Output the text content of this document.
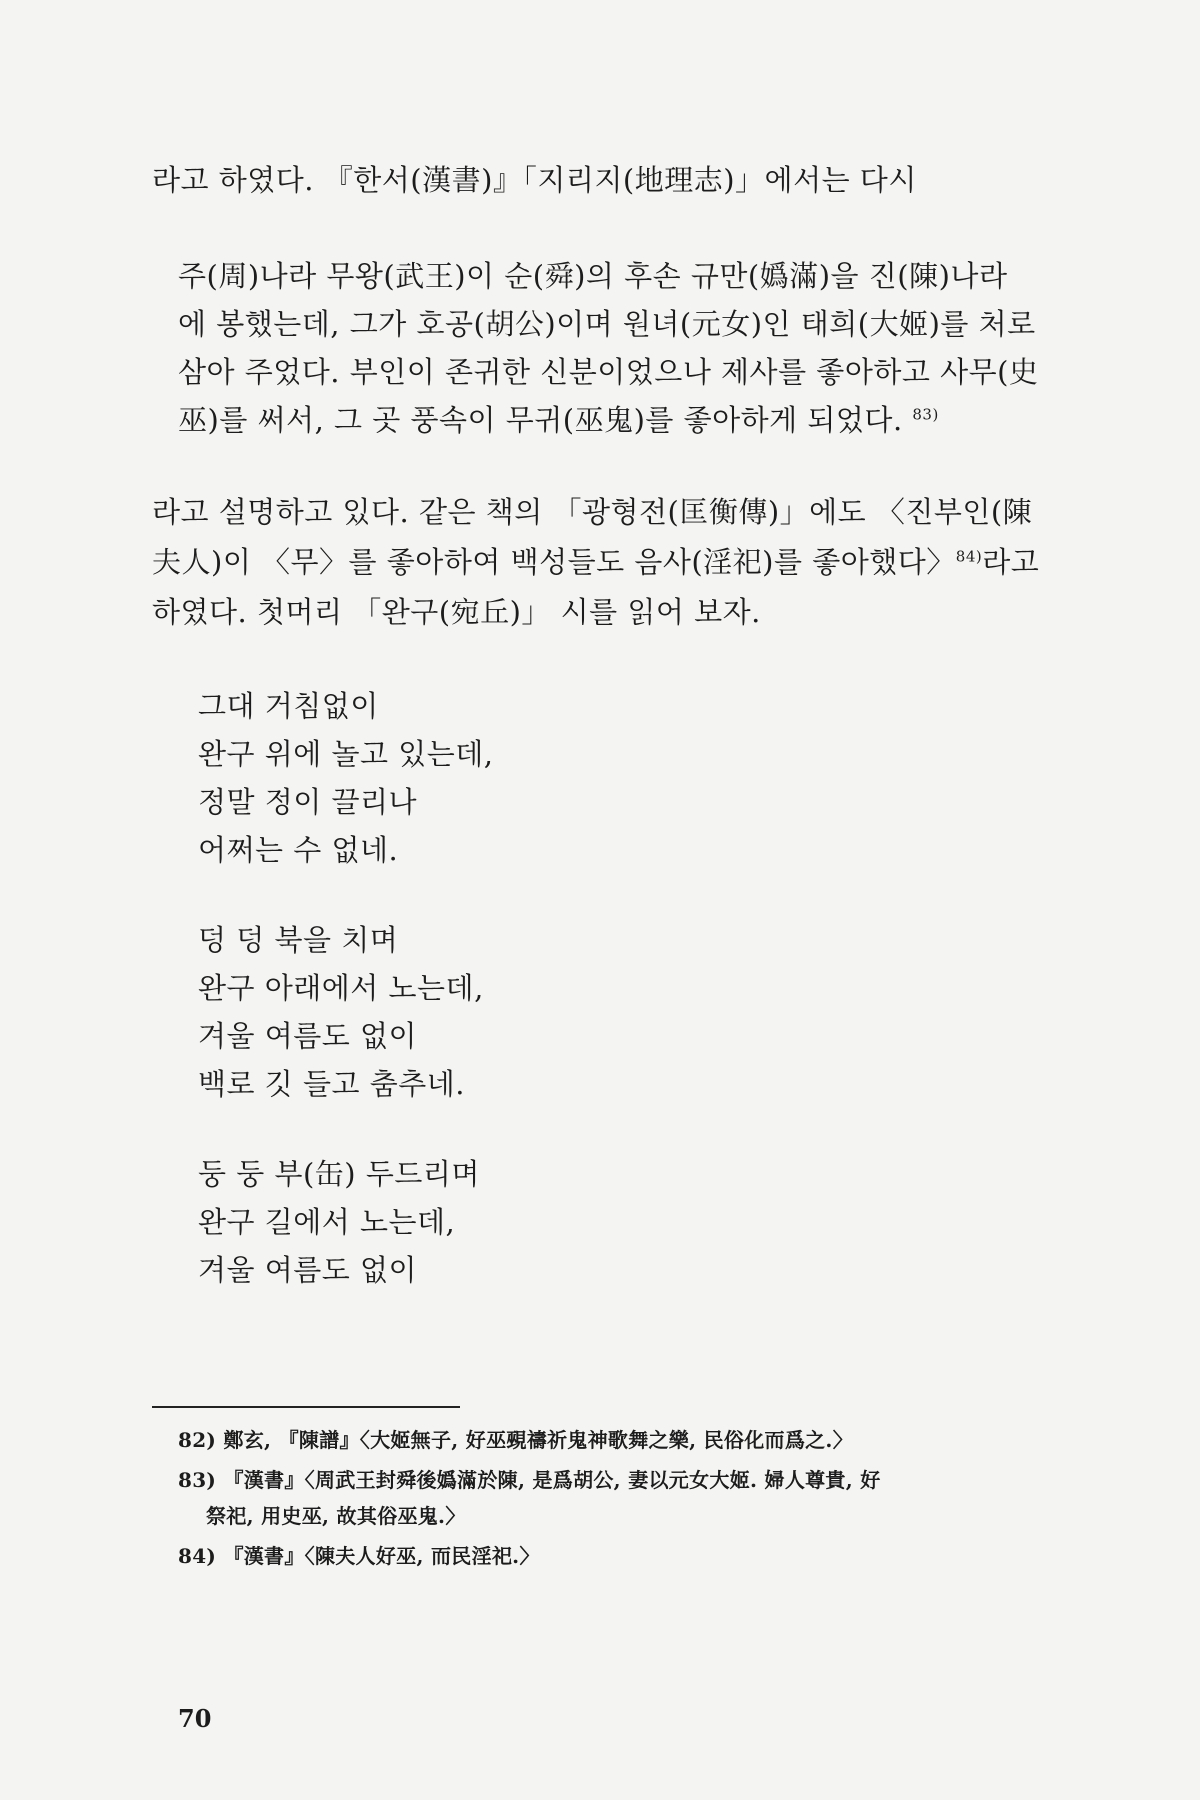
라고 하였다. 『한서(漢書)』「지리지(地理志)」에서는 다시
주(周)나라 무왕(武王)이 순(舜)의 후손 규만(嬀滿)을 진(陳)나라
에 봉했는데, 그가 호공(胡公)이며 원녀(元女)인 태희(大姬)를 처로
삼아 주었다. 부인이 존귀한 신분이었으나 제사를 좋아하고 사무(史
巫)를 써서, 그 곳 풍속이 무귀(巫鬼)를 좋아하게 되었다. $^{83)}$
라고 설명하고 있다. 같은 책의 「광형전(匡衡傳)」에도 〈진부인(陳
夫人)이 〈무〉를 좋아하여 백성들도 음사(淫祀)를 좋아했다〉$^{84)}$라고
하였다. 첫머리 「완구(宛丘)」 시를 읽어 보자.
그대 거침없이
완구 위에 놀고 있는데,
정말 정이 끌리나
어쩌는 수 없네.
덩 덩 북을 치며
완구 아래에서 노는데,
겨울 여름도 없이
백로 깃 들고 춤추네.
둥 둥 부(缶) 두드리며
완구 길에서 노는데,
겨울 여름도 없이
82) 鄭玄, 『陳譜』〈大姬無子, 好巫覡禱祈鬼神歌舞之樂, 民俗化而爲之.〉
83) 『漢書』〈周武王封舜後嬀滿於陳, 是爲胡公, 妻以元女大姬. 婦人尊貴, 好
祭祀, 用史巫, 故其俗巫鬼.〉
84) 『漢書』〈陳夫人好巫, 而民淫祀.〉
70
